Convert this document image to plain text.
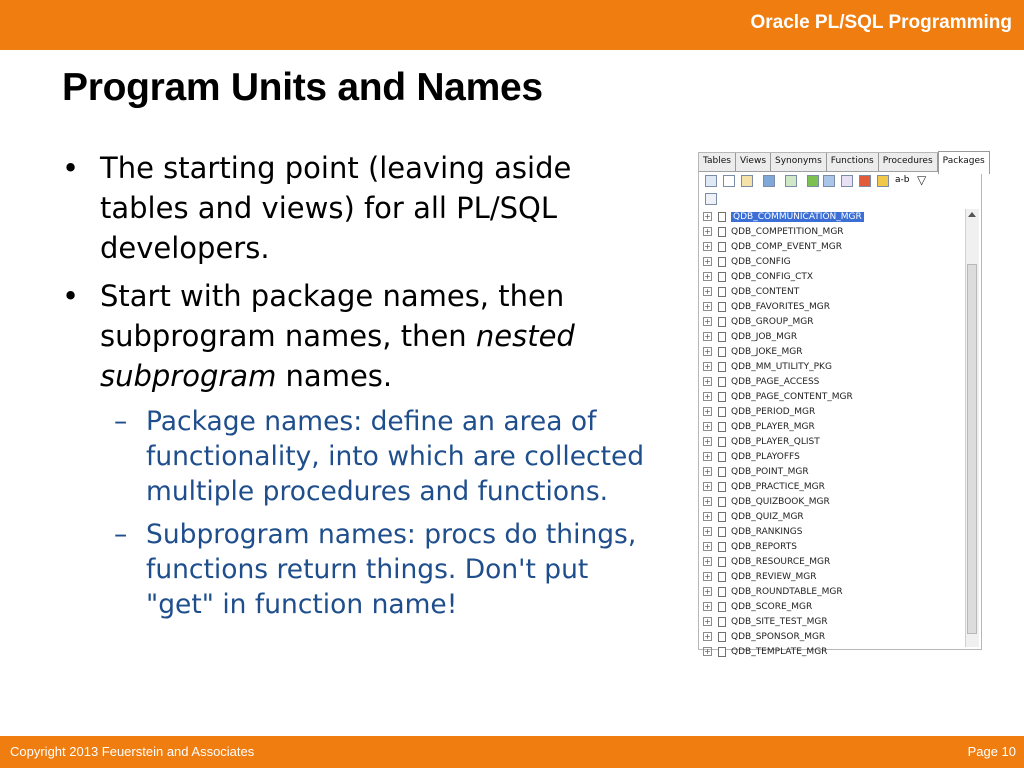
Oracle PL/SQL Programming
Program Units and Names
• The starting point (leaving aside tables and views) for all PL/SQL developers.
• Start with package names, then subprogram names, then nested subprogram names.
– Package names: define an area of functionality, into which are collected multiple procedures and functions.
– Subprogram names: procs do things, functions return things. Don't put "get" in function name!
Tables	Views	Synonyms	Functions	Procedures	Packages
a-b ▽
+ QDB_COMMUNICATION_MGR
+ QDB_COMPETITION_MGR
+ QDB_COMP_EVENT_MGR
+ QDB_CONFIG
+ QDB_CONFIG_CTX
+ QDB_CONTENT
+ QDB_FAVORITES_MGR
+ QDB_GROUP_MGR
+ QDB_JOB_MGR
+ QDB_JOKE_MGR
+ QDB_MM_UTILITY_PKG
+ QDB_PAGE_ACCESS
+ QDB_PAGE_CONTENT_MGR
+ QDB_PERIOD_MGR
+ QDB_PLAYER_MGR
+ QDB_PLAYER_QLIST
+ QDB_PLAYOFFS
+ QDB_POINT_MGR
+ QDB_PRACTICE_MGR
+ QDB_QUIZBOOK_MGR
+ QDB_QUIZ_MGR
+ QDB_RANKINGS
+ QDB_REPORTS
+ QDB_RESOURCE_MGR
+ QDB_REVIEW_MGR
+ QDB_ROUNDTABLE_MGR
+ QDB_SCORE_MGR
+ QDB_SITE_TEST_MGR
+ QDB_SPONSOR_MGR
+ QDB_TEMPLATE_MGR
Copyright 2013 Feuerstein and Associates	Page 10
